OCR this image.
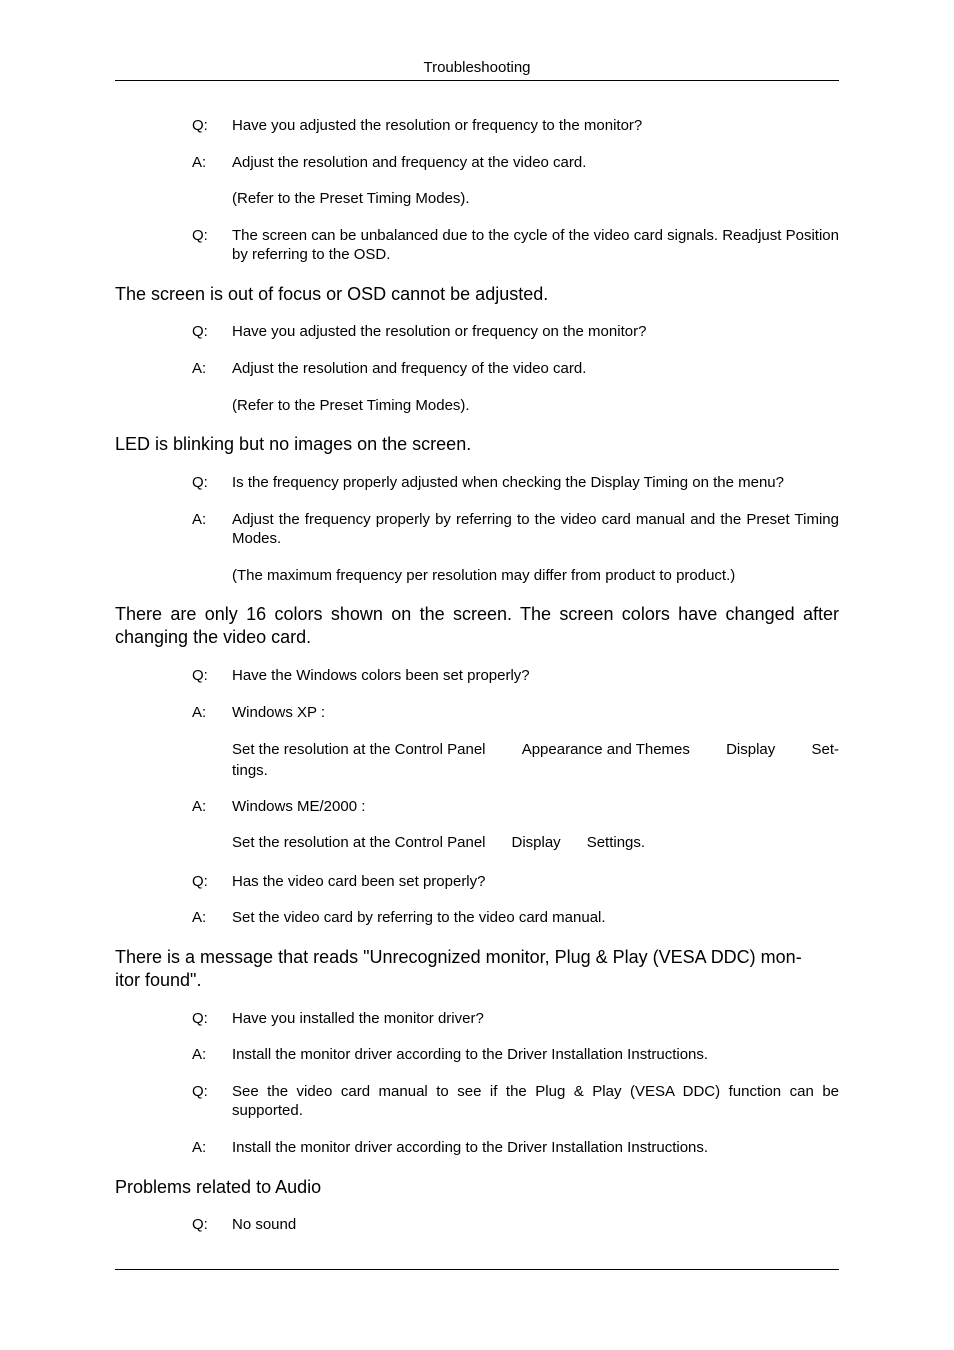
Troubleshooting
Q:	Have you adjusted the resolution or frequency to the monitor?
A:	Adjust the resolution and frequency at the video card.
(Refer to the Preset Timing Modes).
Q:	The screen can be unbalanced due to the cycle of the video card signals. Readjust Position by referring to the OSD.
The screen is out of focus or OSD cannot be adjusted.
Q:	Have you adjusted the resolution or frequency on the monitor?
A:	Adjust the resolution and frequency of the video card.
(Refer to the Preset Timing Modes).
LED is blinking but no images on the screen.
Q:	Is the frequency properly adjusted when checking the Display Timing on the menu?
A:	Adjust the frequency properly by referring to the video card manual and the Preset Timing Modes.
(The maximum frequency per resolution may differ from product to product.)
There are only 16 colors shown on the screen. The screen colors have changed after changing the video card.
Q:	Have the Windows colors been set properly?
A:	Windows XP :
Set the resolution at the Control Panel Appearance and Themes Display Set-
tings.
A:	Windows ME/2000 :
Set the resolution at the Control Panel Display Settings.
Q:	Has the video card been set properly?
A:	Set the video card by referring to the video card manual.
There is a message that reads "Unrecognized monitor, Plug & Play (VESA DDC) mon-
itor found".
Q:	Have you installed the monitor driver?
A:	Install the monitor driver according to the Driver Installation Instructions.
Q:	See the video card manual to see if the Plug & Play (VESA DDC) function can be supported.
A:	Install the monitor driver according to the Driver Installation Instructions.
Problems related to Audio
Q:	No sound
